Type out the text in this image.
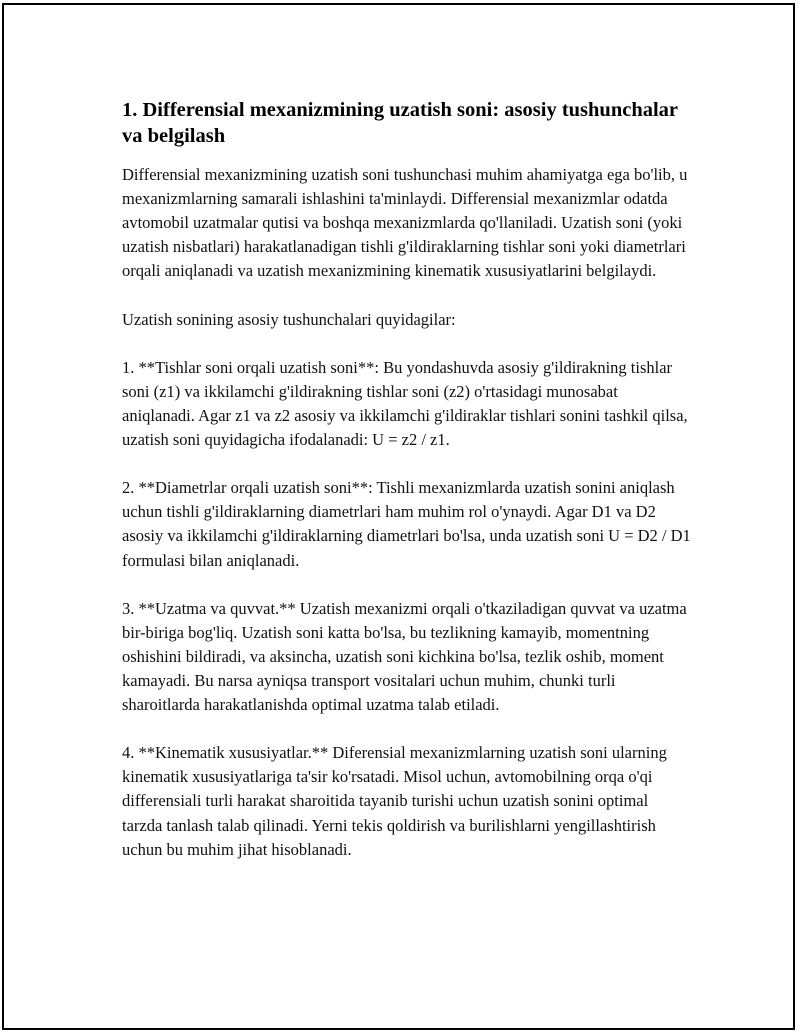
1. Differensial mexanizmining uzatish soni: asosiy tushunchalar va belgilash

Differensial mexanizmining uzatish soni tushunchasi muhim ahamiyatga ega bo'lib, u mexanizmlarning samarali ishlashini ta'minlaydi. Differensial mexanizmlar odatda avtomobil uzatmalar qutisi va boshqa mexanizmlarda qo'llaniladi. Uzatish soni (yoki uzatish nisbatlari) harakatlanadigan tishli g'ildiraklarning tishlar soni yoki diametrlari orqali aniqlanadi va uzatish mexanizmining kinematik xususiyatlarini belgilaydi.

Uzatish sonining asosiy tushunchalari quyidagilar:

1. **Tishlar soni orqali uzatish soni**: Bu yondashuvda asosiy g'ildirakning tishlar soni (z1) va ikkilamchi g'ildirakning tishlar soni (z2) o'rtasidagi munosabat aniqlanadi. Agar z1 va z2 asosiy va ikkilamchi g'ildiraklar tishlari sonini tashkil qilsa, uzatish soni quyidagicha ifodalanadi: U = z2 / z1.

2. **Diametrlar orqali uzatish soni**: Tishli mexanizmlarda uzatish sonini aniqlash uchun tishli g'ildiraklarning diametrlari ham muhim rol o'ynaydi. Agar D1 va D2 asosiy va ikkilamchi g'ildiraklarning diametrlari bo'lsa, unda uzatish soni U = D2 / D1 formulasi bilan aniqlanadi.

3. **Uzatma va quvvat.** Uzatish mexanizmi orqali o'tkaziladigan quvvat va uzatma bir-biriga bog'liq. Uzatish soni katta bo'lsa, bu tezlikning kamayib, momentning oshishini bildiradi, va aksincha, uzatish soni kichkina bo'lsa, tezlik oshib, moment kamayadi. Bu narsa ayniqsa transport vositalari uchun muhim, chunki turli sharoitlarda harakatlanishda optimal uzatma talab etiladi.

4. **Kinematik xususiyatlar.** Diferensial mexanizmlarning uzatish soni ularning kinematik xususiyatlariga ta'sir ko'rsatadi. Misol uchun, avtomobilning orqa o'qi differensiali turli harakat sharoitida tayanib turishi uchun uzatish sonini optimal tarzda tanlash talab qilinadi. Yerni tekis qoldirish va burilishlarni yengillashtirish uchun bu muhim jihat hisoblanadi.
